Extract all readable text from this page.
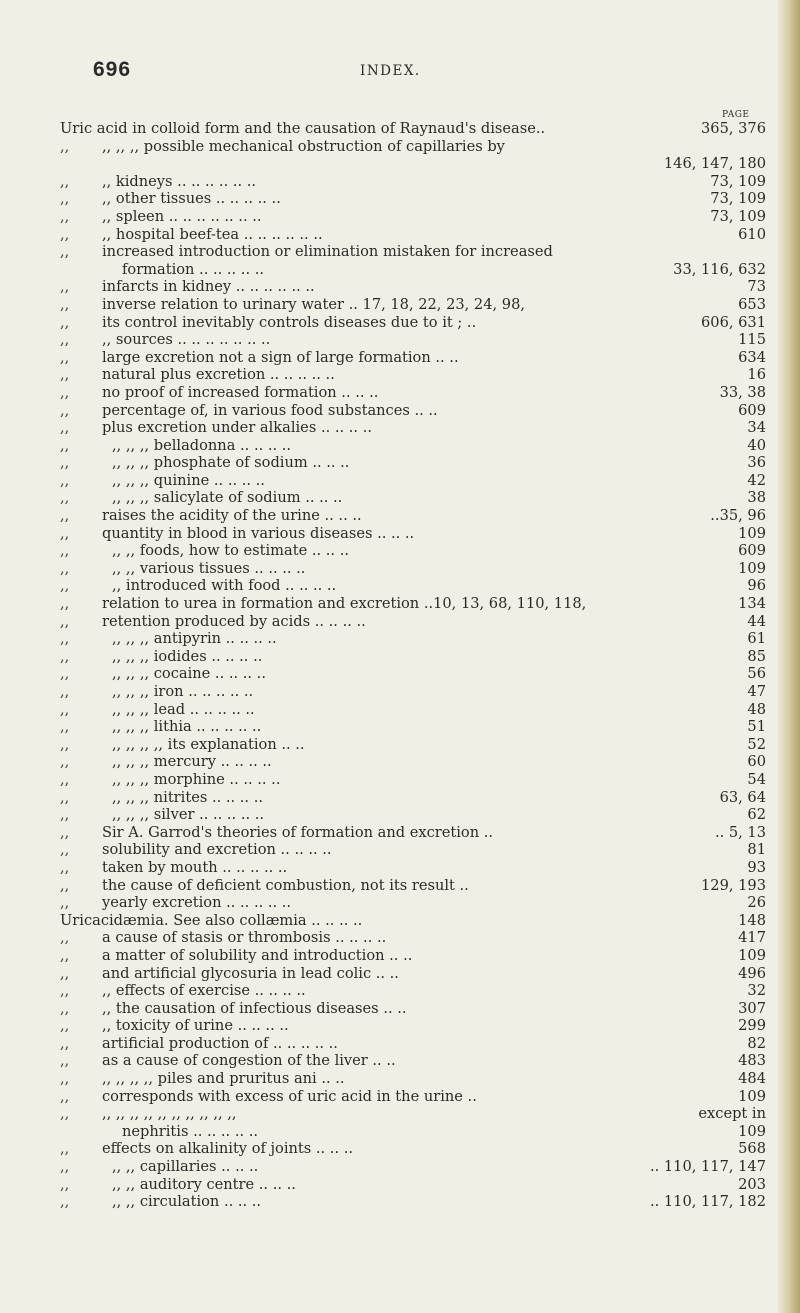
696	INDEX.
PAGE
Uric acid in colloid form and the causation of Raynaud's disease..	365, 376
,, ,, ,, ,, possible mechanical obstruction of capillaries by
146, 147, 180
,, ,, kidneys .. .. .. .. .. ..	73, 109
,, ,, other tissues .. .. .. .. ..	73, 109
,, ,, spleen .. .. .. .. .. .. ..	73, 109
,, ,, hospital beef-tea .. .. .. .. .. ..	610
,, increased introduction or elimination mistaken for increased
formation .. .. .. .. ..	33, 116, 632
,, infarcts in kidney .. .. .. .. .. ..	73
,, inverse relation to urinary water .. 17, 18, 22, 23, 24, 98,	653
,, its control inevitably controls diseases due to it ; ..	606, 631
,, ,, sources .. .. .. .. .. .. ..	115
,, large excretion not a sign of large formation .. ..	634
,, natural plus excretion .. .. .. .. ..	16
,, no proof of increased formation .. .. ..	33, 38
,, percentage of, in various food substances .. ..	609
,, plus excretion under alkalies .. .. .. ..	34
,,	,, ,, ,, belladonna .. .. .. ..	40
,,	,, ,, ,, phosphate of sodium .. .. ..	36
,,	,, ,, ,, quinine .. .. .. ..	42
,,	,, ,, ,, salicylate of sodium .. .. ..	38
,, raises the acidity of the urine .. .. ..	..35, 96
,, quantity in blood in various diseases .. .. ..	109
,,	,, ,, foods, how to estimate .. .. ..	609
,,	,, ,, various tissues .. .. .. ..	109
,,	,, introduced with food .. .. .. ..	96
,, relation to urea in formation and excretion ..10, 13, 68, 110, 118,	134
,, retention produced by acids .. .. .. ..	44
,,	,, ,, ,, antipyrin .. .. .. ..	61
,,	,, ,, ,, iodides .. .. .. ..	85
,,	,, ,, ,, cocaine .. .. .. ..	56
,,	,, ,, ,, iron .. .. .. .. ..	47
,,	,, ,, ,, lead .. .. .. .. ..	48
,,	,, ,, ,, lithia .. .. .. .. ..	51
,,	,, ,, ,, ,, its explanation .. ..	52
,,	,, ,, ,, mercury .. .. .. ..	60
,,	,, ,, ,, morphine .. .. .. ..	54
,,	,, ,, ,, nitrites .. .. .. ..	63, 64
,,	,, ,, ,, silver .. .. .. .. ..	62
,, Sir A. Garrod's theories of formation and excretion ..	.. 5, 13
,, solubility and excretion .. .. .. ..	81
,, taken by mouth .. .. .. .. ..	93
,, the cause of deficient combustion, not its result ..	129, 193
,, yearly excretion .. .. .. .. ..	26
Uricacidæmia. See also collæmia .. .. .. ..	148
,, a cause of stasis or thrombosis .. .. .. ..	417
,, a matter of solubility and introduction .. ..	109
,, and artificial glycosuria in lead colic .. ..	496
,, ,, effects of exercise .. .. .. ..	32
,, ,, the causation of infectious diseases .. ..	307
,, ,, toxicity of urine .. .. .. ..	299
,, artificial production of .. .. .. .. ..	82
,, as a cause of congestion of the liver .. ..	483
,, ,, ,, ,, ,, piles and pruritus ani .. ..	484
,, corresponds with excess of uric acid in the urine ..	109
,, ,, ,, ,, ,, ,, ,, ,, ,, ,, ,,	except in
nephritis .. .. .. .. ..	109
,, effects on alkalinity of joints .. .. ..	568
,,	,, ,, capillaries .. .. ..	.. 110, 117, 147
,,	,, ,, auditory centre .. .. ..	203
,,	,, ,, circulation .. .. ..	.. 110, 117, 182
